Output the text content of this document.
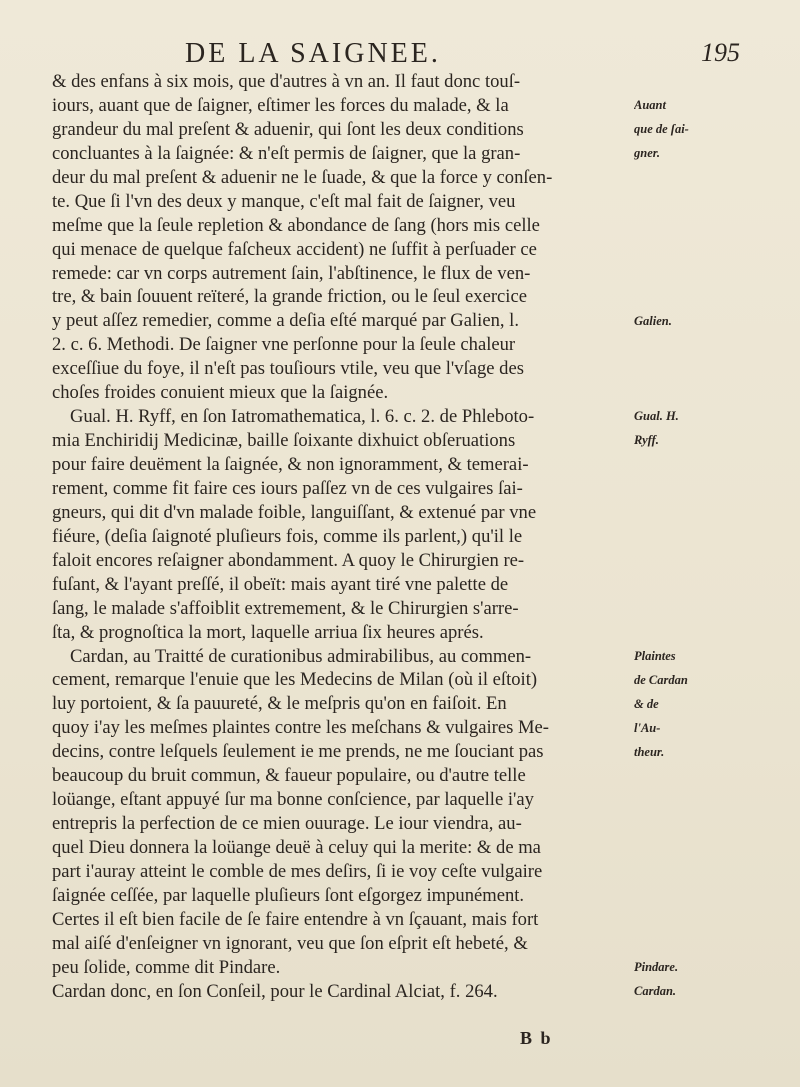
DE LA SAIGNEE.	195
& des enfans à six mois, que d'autres à vn an. Il faut donc touſ-
iours, auant que de ſaigner, eſtimer les forces du malade, & la
grandeur du mal preſent & aduenir, qui ſont les deux conditions
concluantes à la ſaignée: & n'eſt permis de ſaigner, que la gran-
deur du mal preſent & aduenir ne le ſuade, & que la force y conſen-
te. Que ſi l'vn des deux y manque, c'eſt mal fait de ſaigner, veu
meſme que la ſeule repletion & abondance de ſang (hors mis celle
qui menace de quelque faſcheux accident) ne ſuffit à perſuader ce
remede: car vn corps autrement ſain, l'abſtinence, le flux de ven-
tre, & bain ſouuent reïteré, la grande friction, ou le ſeul exercice
y peut aſſez remedier, comme a deſia eſté marqué par Galien, l.
2. c. 6. Methodi. De ſaigner vne perſonne pour la ſeule chaleur
exceſſiue du foye, il n'eſt pas touſiours vtile, veu que l'vſage des
choſes froides conuient mieux que la ſaignée.
Gual. H. Ryff, en ſon Iatromathematica, l. 6. c. 2. de Phleboto-
mia Enchiridij Medicinæ, baille ſoixante dixhuict obſeruations
pour faire deuëment la ſaignée, & non ignoramment, & temerai-
rement, comme fit faire ces iours paſſez vn de ces vulgaires ſai-
gneurs, qui dit d'vn malade foible, languiſſant, & extenué par vne
fiéure, (deſia ſaignoté pluſieurs fois, comme ils parlent,) qu'il le
faloit encores reſaigner abondamment. A quoy le Chirurgien re-
fuſant, & l'ayant preſſé, il obeït: mais ayant tiré vne palette de
ſang, le malade s'affoiblit extremement, & le Chirurgien s'arre-
ſta, & prognoſtica la mort, laquelle arriua ſix heures aprés.
Cardan, au Traitté de curationibus admirabilibus, au commen-
cement, remarque l'enuie que les Medecins de Milan (où il eſtoit)
luy portoient, & ſa pauureté, & le meſpris qu'on en faiſoit. En
quoy i'ay les meſmes plaintes contre les meſchans & vulgaires Me-
decins, contre leſquels ſeulement ie me prends, ne me ſouciant pas
beaucoup du bruit commun, & faueur populaire, ou d'autre telle
loüange, eſtant appuyé ſur ma bonne conſcience, par laquelle i'ay
entrepris la perfection de ce mien ouurage. Le iour viendra, au-
quel Dieu donnera la loüange deuë à celuy qui la merite: & de ma
part i'auray atteint le comble de mes deſirs, ſi ie voy ceſte vulgaire
ſaignée ceſſée, par laquelle pluſieurs ſont eſgorgez impunément.
Certes il eſt bien facile de ſe faire entendre à vn ſçauant, mais fort
mal aiſé d'enſeigner vn ignorant, veu que ſon eſprit eſt hebeté, &
peu ſolide, comme dit Pindare.
Cardan donc, en ſon Conſeil, pour le Cardinal Alciat, f. 264.
Auant
que de ſai-
gner.
Galien.
Gual. H.
Ryff.
Plaintes
de Cardan
& de
l'Au-
theur.
Pindare.
Cardan.
B b
